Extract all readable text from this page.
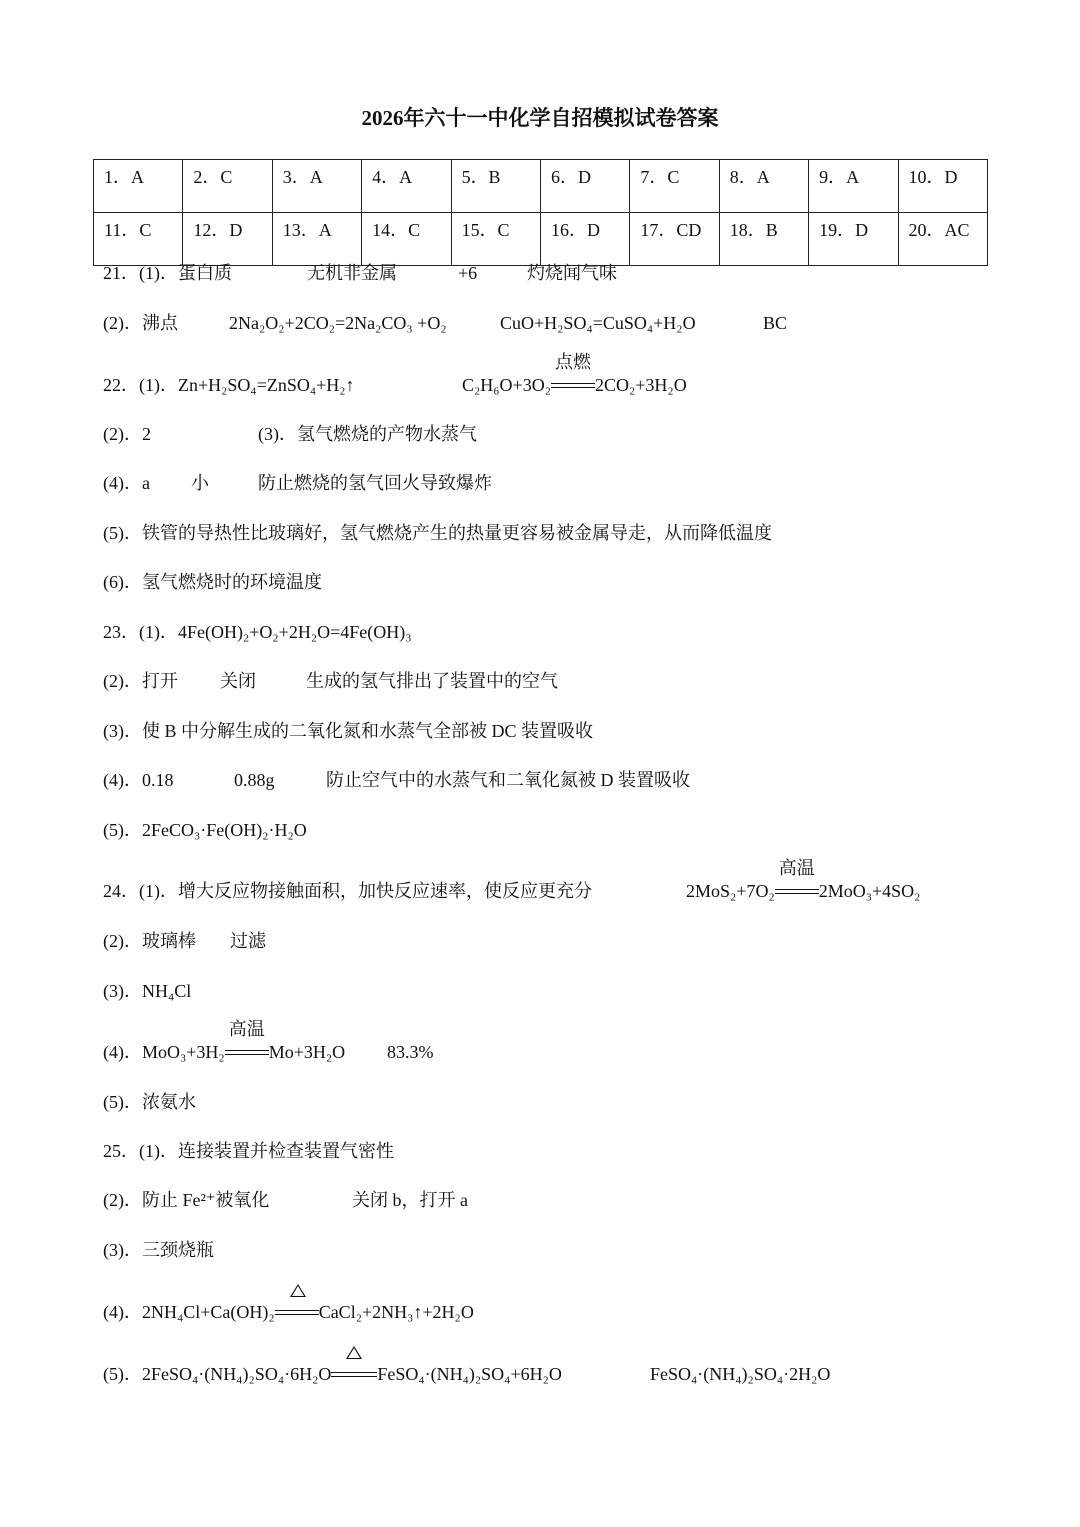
2026年六十一中化学自招模拟试卷答案
1．A	2．C	3．A	4．A	5．B	6．D	7．C	8．A	9．A	10．D
11．C	12．D	13．A	14．C	15．C	16．D	17．CD	18．B	19．D	20．AC
21．(1)．蛋白质	无机非金属	+6	灼烧闻气味
(2)．沸点	2Na₂O₂+2CO₂=2Na₂CO₃ +O₂	CuO+H₂SO₄=CuSO₄+H₂O	BC
22．(1)．Zn+H₂SO₄=ZnSO₄+H₂↑	C₂H₆O+3O₂
点燃
2CO₂+3H₂O
(2)．2	(3)．氢气燃烧的产物水蒸气
(4)．a 小	防止燃烧的氢气回火导致爆炸
(5)．铁管的导热性比玻璃好，氢气燃烧产生的热量更容易被金属导走，从而降低温度
(6)．氢气燃烧时的环境温度
23．(1)．4Fe(OH)₂+O₂+2H₂O=4Fe(OH)₃
(2)．打开 关闭	生成的氢气排出了装置中的空气
(3)．使 B 中分解生成的二氧化氮和水蒸气全部被 DC 装置吸收
(4)．0.18	0.88g	防止空气中的水蒸气和二氧化氮被 D 装置吸收
(5)．2FeCO₃·Fe(OH)₂·H₂O
24．(1)．增大反应物接触面积，加快反应速率，使反应更充分	2MoS₂+7O₂
高温
2MoO₃+4SO₂
(2)．玻璃棒 过滤
(3)．NH₄Cl
(4)．MoO₃+3H₂
高温
Mo+3H₂O 83.3%
(5)．浓氨水
25．(1)．连接装置并检查装置气密性
(2)．防止 Fe²⁺被氧化	关闭 b，打开 a
(3)．三颈烧瓶
(4)．2NH₄Cl+Ca(OH)₂ CaCl₂+2NH₃↑+2H₂O
(5)．2FeSO₄·(NH₄)₂SO₄·6H₂O	FeSO₄·(NH₄)₂SO₄+6H₂O	FeSO₄·(NH₄)₂SO₄·2H₂O
